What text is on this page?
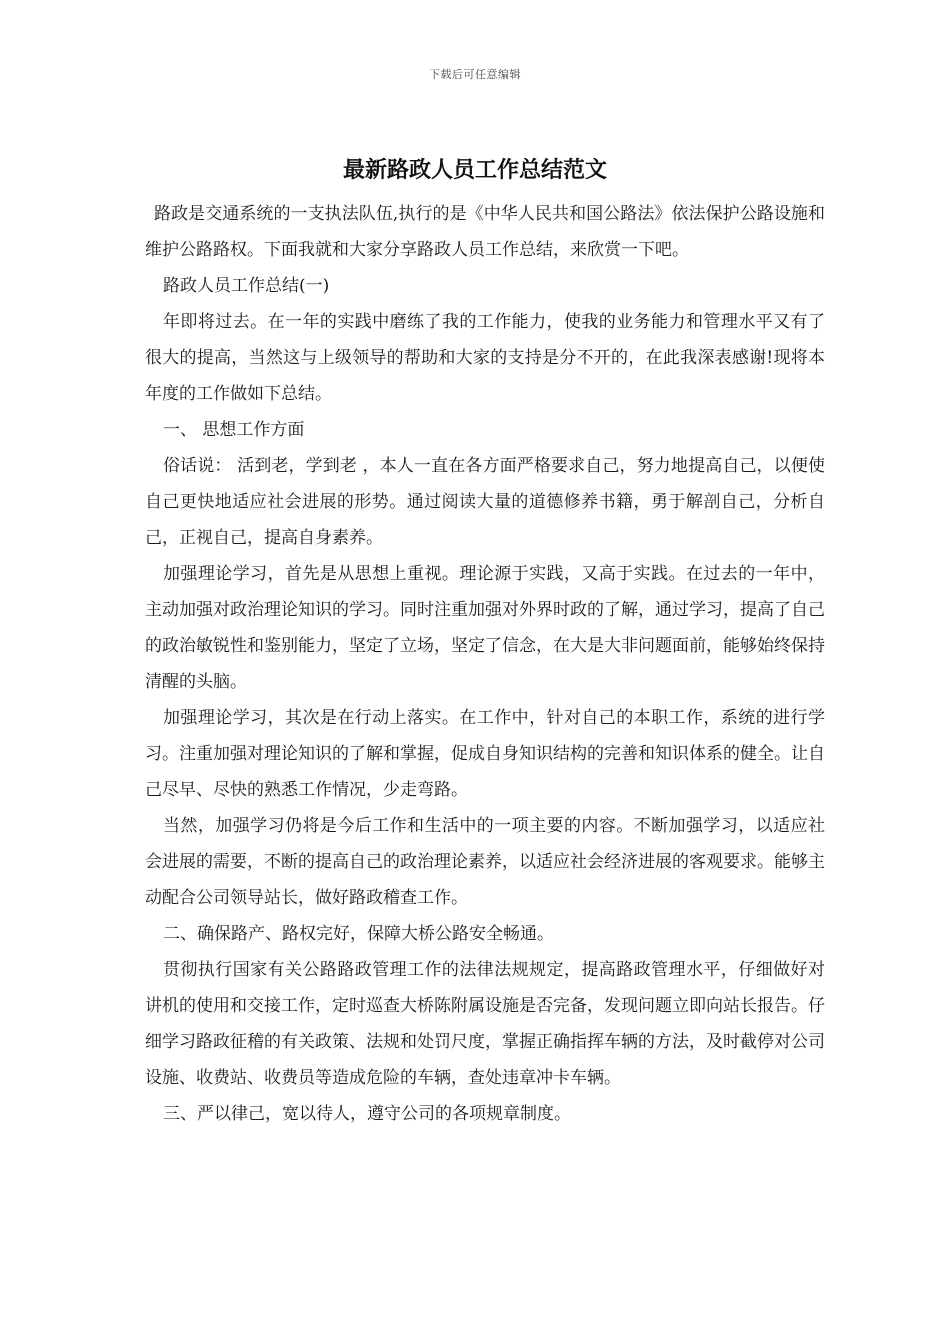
下载后可任意编辑
最新路政人员工作总结范文

路政是交通系统的一支执法队伍,执行的是《中华人民共和国公路法》依法保护公路设施和维护公路路权。下面我就和大家分享路政人员工作总结，来欣赏一下吧。

路政人员工作总结(一)

年即将过去。在一年的实践中磨练了我的工作能力，使我的业务能力和管理水平又有了很大的提高，当然这与上级领导的帮助和大家的支持是分不开的，在此我深表感谢!现将本年度的工作做如下总结。

一、 思想工作方面

俗话说： 活到老，学到老 ，本人一直在各方面严格要求自己，努力地提高自己，以便使自己更快地适应社会进展的形势。通过阅读大量的道德修养书籍，勇于解剖自己，分析自己，正视自己，提高自身素养。

加强理论学习，首先是从思想上重视。理论源于实践，又高于实践。在过去的一年中，主动加强对政治理论知识的学习。同时注重加强对外界时政的了解，通过学习，提高了自己的政治敏锐性和鉴别能力，坚定了立场，坚定了信念，在大是大非问题面前，能够始终保持清醒的头脑。

加强理论学习，其次是在行动上落实。在工作中，针对自己的本职工作，系统的进行学习。注重加强对理论知识的了解和掌握，促成自身知识结构的完善和知识体系的健全。让自己尽早、尽快的熟悉工作情况，少走弯路。

当然，加强学习仍将是今后工作和生活中的一项主要的内容。不断加强学习，以适应社会进展的需要，不断的提高自己的政治理论素养，以适应社会经济进展的客观要求。能够主动配合公司领导站长，做好路政稽查工作。

二、确保路产、路权完好，保障大桥公路安全畅通。

贯彻执行国家有关公路路政管理工作的法律法规规定，提高路政管理水平，仔细做好对讲机的使用和交接工作，定时巡查大桥陈附属设施是否完备，发现问题立即向站长报告。仔细学习路政征稽的有关政策、法规和处罚尺度，掌握正确指挥车辆的方法，及时截停对公司设施、收费站、收费员等造成危险的车辆，查处违章冲卡车辆。

三、严以律己，宽以待人，遵守公司的各项规章制度。
